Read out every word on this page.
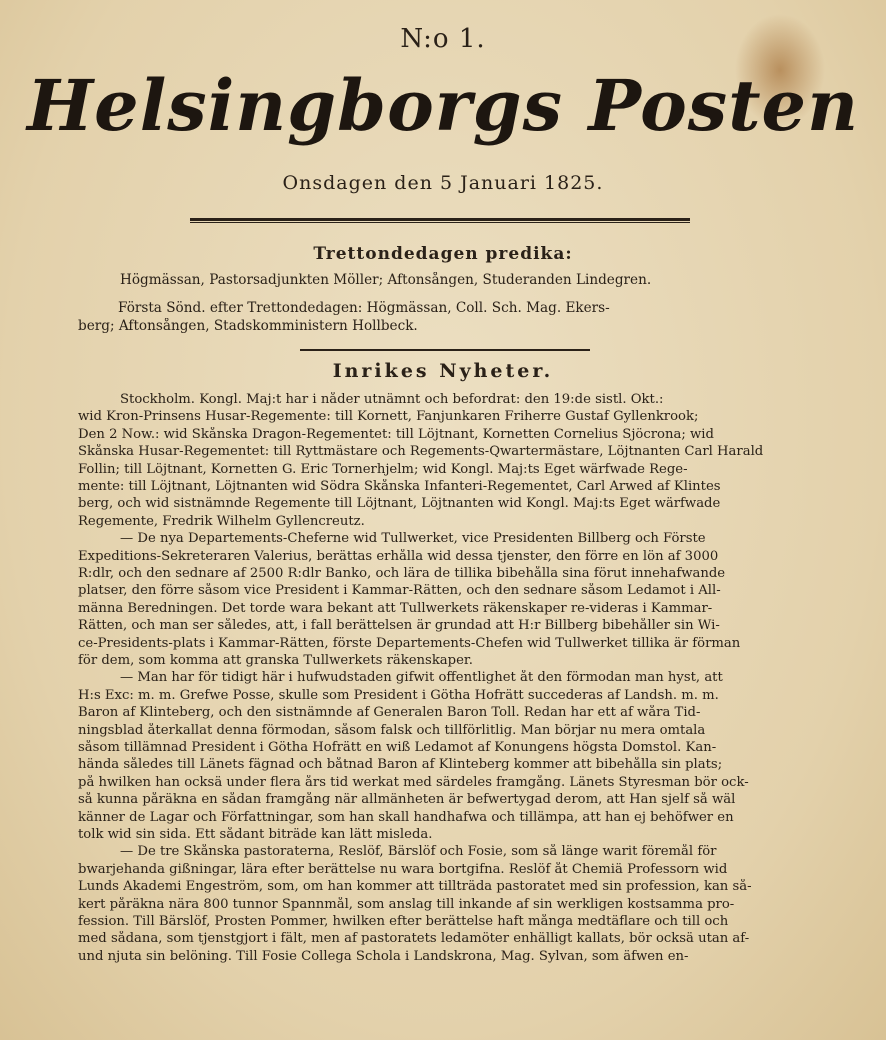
N:o 1.
Helsingborgs Posten
Onsdagen den 5 Januari 1825.
Trettondedagen predika:
Högmässan, Pastorsadjunkten Möller; Aftonsången, Studeranden Lindegren.
Första Sönd. efter Trettondedagen: Högmässan, Coll. Sch. Mag. Ekers-
berg; Aftonsången, Stadskomministern Hollbeck.
Inrikes Nyheter.
Stockholm. Kongl. Maj:t har i nåder utnämnt och befordrat: den 19:de sistl. Okt.:
wid Kron-Prinsens Husar-Regemente: till Kornett, Fanjunkaren Friherre Gustaf Gyllenkrook;
Den 2 Now.: wid Skånska Dragon-Regementet: till Löjtnant, Kornetten Cornelius Sjöcrona; wid
Skånska Husar-Regementet: till Ryttmästare och Regements-Qwartermästare, Löjtnanten Carl Harald
Follin; till Löjtnant, Kornetten G. Eric Tornerhjelm; wid Kongl. Maj:ts Eget wärfwade Rege-
mente: till Löjtnant, Löjtnanten wid Södra Skånska Infanteri-Regementet, Carl Arwed af Klintes
berg, och wid sistnämnde Regemente till Löjtnant, Löjtnanten wid Kongl. Maj:ts Eget wärfwade
Regemente, Fredrik Wilhelm Gyllencreutz.
— De nya Departements-Cheferne wid Tullwerket, vice Presidenten Billberg och Förste
Expeditions-Sekreteraren Valerius, berättas erhålla wid dessa tjenster, den förre en lön af 3000
R:dlr, och den sednare af 2500 R:dlr Banko, och lära de tillika bibehålla sina förut innehafwande
platser, den förre såsom vice President i Kammar-Rätten, och den sednare såsom Ledamot i All-
männa Beredningen. Det torde wara bekant att Tullwerkets räkenskaper re-videras i Kammar-
Rätten, och man ser således, att, i fall berättelsen är grundad att H:r Billberg bibehåller sin Wi-
ce-Presidents-plats i Kammar-Rätten, förste Departements-Chefen wid Tullwerket tillika är förman
för dem, som komma att granska Tullwerkets räkenskaper.
— Man har för tidigt här i hufwudstaden gifwit offentlighet åt den förmodan man hyst, att
H:s Exc: m. m. Grefwe Posse, skulle som President i Götha Hofrätt succederas af Landsh. m. m.
Baron af Klinteberg, och den sistnämnde af Generalen Baron Toll. Redan har ett af wåra Tid-
ningsblad återkallat denna förmodan, såsom falsk och tillförlitlig. Man börjar nu mera omtala
såsom tillämnad President i Götha Hofrätt en wiß Ledamot af Konungens högsta Domstol. Kan-
hända således till Länets fägnad och båtnad Baron af Klinteberg kommer att bibehålla sin plats;
på hwilken han ocksä under flera års tid werkat med särdeles framgång. Länets Styresman bör ock-
så kunna påräkna en sådan framgång när allmänheten är befwertygad derom, att Han sjelf så wäl
känner de Lagar och Författningar, som han skall handhafwa och tillämpa, att han ej behöfwer en
tolk wid sin sida. Ett sådant biträde kan lätt misleda.
— De tre Skånska pastoraterna, Reslöf, Bärslöf och Fosie, som så länge warit föremål för
bwarjehanda gißningar, lära efter berättelse nu wara bortgifna. Reslöf åt Chemiä Professorn wid
Lunds Akademi Engeström, som, om han kommer att tillträda pastoratet med sin profession, kan så-
kert påräkna nära 800 tunnor Spannmål, som anslag till inkande af sin werkligen kostsamma pro-
fession. Till Bärslöf, Prosten Pommer, hwilken efter berättelse haft många medtäflare och till och
med sådana, som tjenstgjort i fält, men af pastoratets ledamöter enhälligt kallats, bör ocksä utan af-
und njuta sin belöning. Till Fosie Collega Schola i Landskrona, Mag. Sylvan, som äfwen en-
